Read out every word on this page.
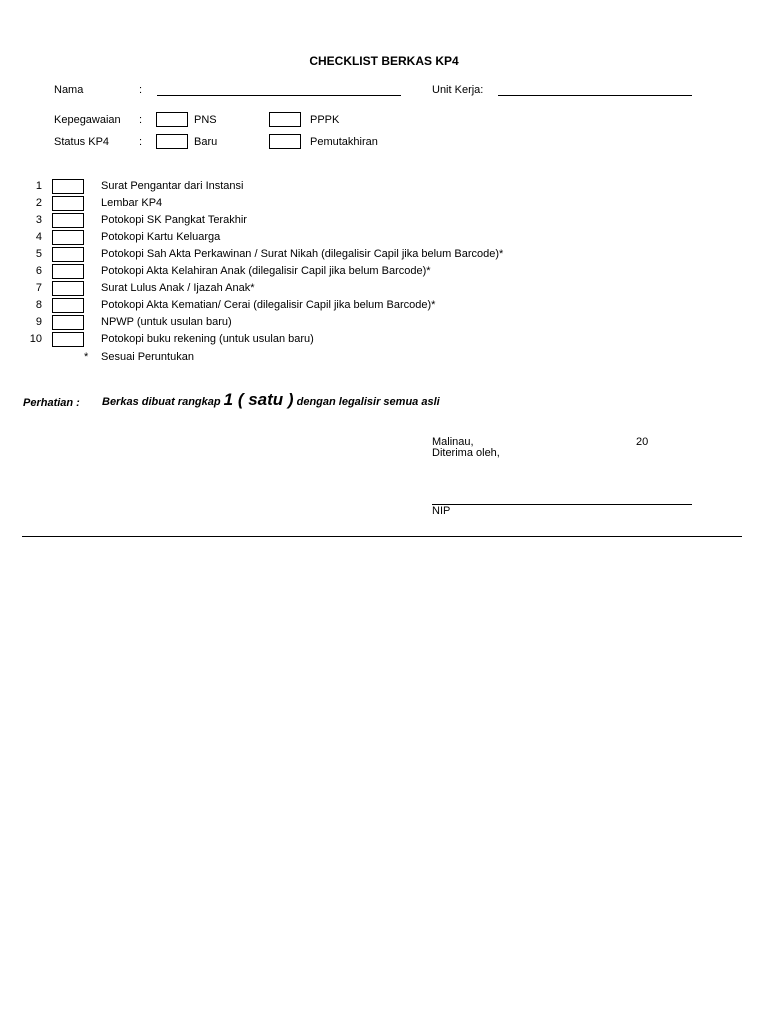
CHECKLIST BERKAS KP4
Nama	:	Unit Kerja:
Kepegawaian :	PNS	PPPK
Status KP4	:	Baru	Pemutakhiran
1	Surat Pengantar dari Instansi
2	Lembar KP4
3	Potokopi SK Pangkat Terakhir
4	Potokopi Kartu Keluarga
5	Potokopi Sah Akta Perkawinan / Surat Nikah (dilegalisir Capil jika belum Barcode)*
6	Potokopi Akta Kelahiran Anak (dilegalisir Capil jika belum Barcode)*
7	Surat Lulus Anak / Ijazah Anak*
8	Potokopi Akta Kematian/ Cerai (dilegalisir Capil jika belum Barcode)*
9	NPWP (untuk usulan baru)
10	Potokopi buku rekening (untuk usulan baru)
* Sesuai Peruntukan
Perhatian : Berkas dibuat rangkap 1 ( satu ) dengan legalisir semua asli
Malinau,	20
Diterima oleh,
NIP
